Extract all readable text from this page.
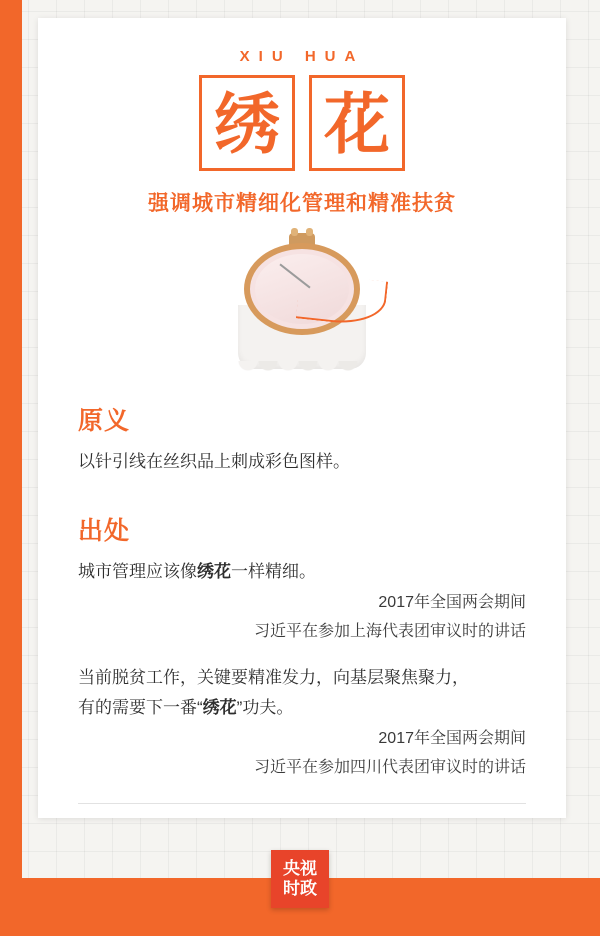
XIU HUA
绣 花
强调城市精细化管理和精准扶贫
原义
以针引线在丝织品上刺成彩色图样。
出处
城市管理应该像绣花一样精细。
2017年全国两会期间
习近平在参加上海代表团审议时的讲话
当前脱贫工作，关键要精准发力，向基层聚焦聚力，
有的需要下一番“绣花”功夫。
2017年全国两会期间
习近平在参加四川代表团审议时的讲话
央视
时政
